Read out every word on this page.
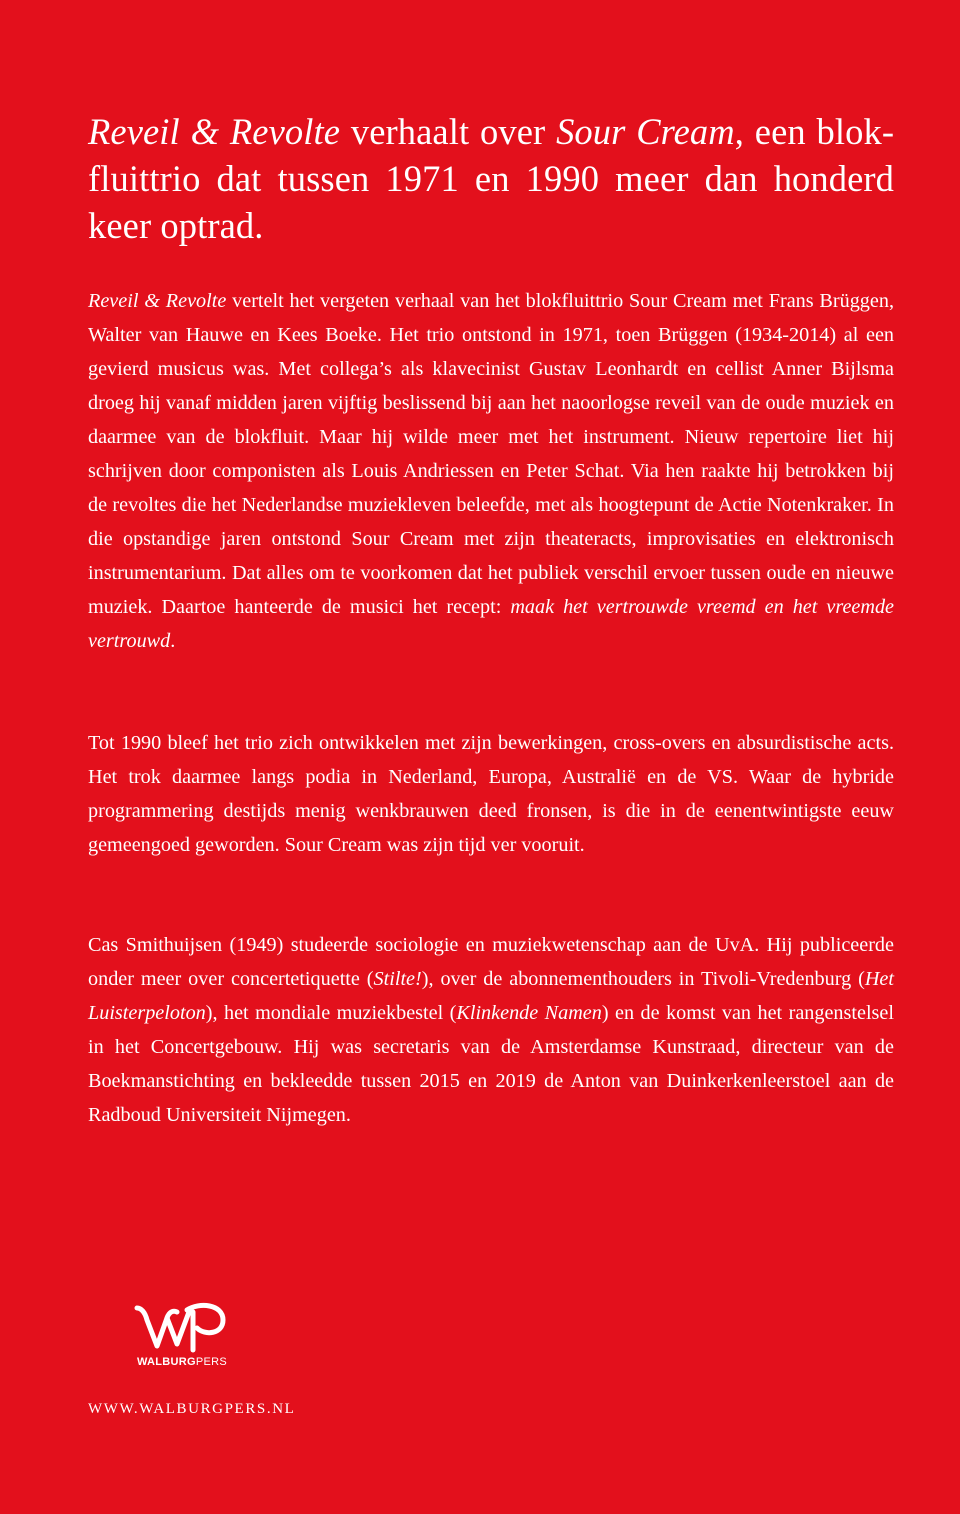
Reveil & Revolte verhaalt over Sour Cream, een blokfluittrio dat tussen 1971 en 1990 meer dan honderd keer optrad.

Reveil & Revolte vertelt het vergeten verhaal van het blokfluittrio Sour Cream met Frans Brüggen, Walter van Hauwe en Kees Boeke. Het trio ontstond in 1971, toen Brüggen (1934-2014) al een gevierd musicus was. Met collega’s als klavecinist Gustav Leonhardt en cellist Anner Bijlsma droeg hij vanaf midden jaren vijftig beslissend bij aan het naoorlogse reveil van de oude muziek en daarmee van de blokfluit. Maar hij wilde meer met het instrument. Nieuw repertoire liet hij schrijven door componisten als Louis Andriessen en Peter Schat. Via hen raakte hij betrokken bij de revoltes die het Nederlandse muziekleven beleefde, met als hoogtepunt de Actie Notenkraker. In die opstandige jaren ontstond Sour Cream met zijn theateracts, improvisaties en elektronisch instrumentarium. Dat alles om te voorkomen dat het publiek verschil ervoer tussen oude en nieuwe muziek. Daartoe hanteerde de musici het recept: maak het vertrouwde vreemd en het vreemde vertrouwd.

Tot 1990 bleef het trio zich ontwikkelen met zijn bewerkingen, cross-overs en absurdistische acts. Het trok daarmee langs podia in Nederland, Europa, Australië en de VS. Waar de hybride programmering destijds menig wenkbrauwen deed fronsen, is die in de eenentwintigste eeuw gemeengoed geworden. Sour Cream was zijn tijd ver vooruit.

Cas Smithuijsen (1949) studeerde sociologie en muziekwetenschap aan de UvA. Hij publiceerde onder meer over concertetiquette (Stilte!), over de abonnementhouders in Tivoli-Vredenburg (Het Luisterpeloton), het mondiale muziekbestel (Klinkende Namen) en de komst van het rangenstelsel in het Concertgebouw. Hij was secretaris van de Amsterdamse Kunstraad, directeur van de Boekmanstichting en bekleedde tussen 2015 en 2019 de Anton van Duinkerkenleerstoel aan de Radboud Universiteit Nijmegen.

WALBURGPERS
WWW.WALBURGPERS.NL
